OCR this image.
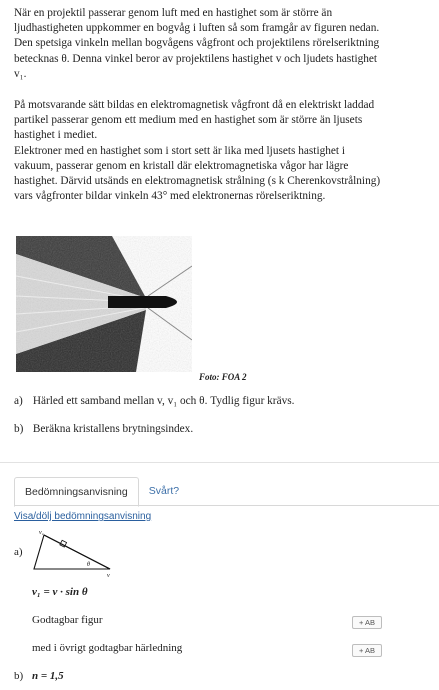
När en projektil passerar genom luft med en hastighet som är större än ljudhastigheten uppkommer en bogvåg i luften så som framgår av figuren nedan. Den spetsiga vinkeln mellan bogvågens vågfront och projektilens rörelseriktning betecknas θ. Denna vinkel beror av projektilens hastighet v och ljudets hastighet v₁.

På motsvarande sätt bildas en elektromagnetisk vågfront då en elektriskt laddad partikel passerar genom ett medium med en hastighet som är större än ljusets hastighet i mediet.

Elektroner med en hastighet som i stort sett är lika med ljusets hastighet i vakuum, passerar genom en kristall där elektromagnetiska vågor har lägre hastighet. Därvid utsänds en elektromagnetisk strålning (s k Cherenkovstrålning) vars vågfronter bildar vinkeln 43° med elektronernas rörelseriktning.

Foto: FOA 2
a) Härled ett samband mellan v, v₁ och θ. Tydlig figur krävs.
b) Beräkna kristallens brytningsindex.
Bedömningsanvisning	Svårt?
Visa/dölj bedömningsanvisning
a)
v₁
θ
v
v₁ = v · sin θ
Godtagbar figur	+ AB
med i övrigt godtagbar härledning	+ AB
b) n = 1,5
